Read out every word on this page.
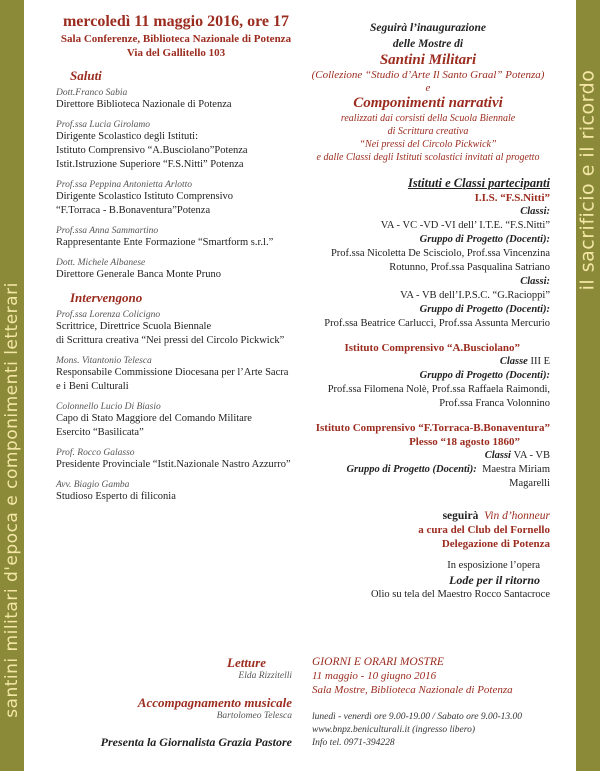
santini militari d'epoca e componimenti letterari
il sacrificio e il ricordo
mercoledì 11 maggio 2016, ore 17
Sala Conferenze, Biblioteca Nazionale di Potenza
Via del Gallitello 103
Saluti
Dott.Franco Sabia
Direttore Biblioteca Nazionale di Potenza
Prof.ssa Lucia Girolamo
Dirigente Scolastico degli Istituti:
Istituto Comprensivo “A.Busciolano”Potenza
Istit.Istruzione Superiore “F.S.Nitti” Potenza
Prof.ssa Peppina Antonietta Arlotto
Dirigente Scolastico Istituto Comprensivo
“F.Torraca - B.Bonaventura”Potenza
Prof.ssa Anna Sammartino
Rappresentante Ente Formazione “Smartform s.r.l.”
Dott. Michele Albanese
Direttore Generale Banca Monte Pruno
Intervengono
Prof.ssa Lorenza Colicigno
Scrittrice, Direttrice Scuola Biennale
di Scrittura creativa “Nei pressi del Circolo Pickwick”
Mons. Vitantonio Telesca
Responsabile Commissione Diocesana per l’Arte Sacra
e i Beni Culturali
Colonnello Lucio Di Biasio
Capo di Stato Maggiore del Comando Militare
Esercito “Basilicata”
Prof. Rocco Galasso
Presidente Provinciale “Istit.Nazionale Nastro Azzurro”
Avv. Biagio Gamba
Studioso Esperto di filiconia
Letture
Elda Rizzitelli
Accompagnamento musicale
Bartolomeo Telesca
Presenta la Giornalista Grazia Pastore
Seguirà l’inaugurazione
delle Mostre di
Santini Militari
(Collezione “Studio d’Arte Il Santo Graal” Potenza)
e
Componimenti narrativi
realizzati dai corsisti della Scuola Biennale
di Scrittura creativa
“Nei pressi del Circolo Pickwick”
e dalle Classi degli Istituti scolastici invitati al progetto
Istituti e Classi partecipanti
I.I.S. “F.S.Nitti”
Classi:
VA - VC -VD -VI dell’ I.T.E. “F.S.Nitti”
Gruppo di Progetto (Docenti):
Prof.ssa Nicoletta De Scisciolo, Prof.ssa Vincenzina
Rotunno, Prof.ssa Pasqualina Satriano
Classi:
VA - VB dell’I.P.S.C. “G.Racioppi”
Gruppo di Progetto (Docenti):
Prof.ssa Beatrice Carlucci, Prof.ssa Assunta Mercurio
Istituto Comprensivo “A.Busciolano”
Classe III E
Gruppo di Progetto (Docenti):
Prof.ssa Filomena Nolè, Prof.ssa Raffaela Raimondi,
Prof.ssa Franca Volonnino
Istituto Comprensivo “F.Torraca-B.Bonaventura”
Plesso “18 agosto 1860”
Classi VA - VB
Gruppo di Progetto (Docenti): Maestra Miriam Magarelli
seguirà Vin d’honneur
a cura del Club del Fornello
Delegazione di Potenza
In esposizione l’opera
Lode per il ritorno
Olio su tela del Maestro Rocco Santacroce
GIORNI E ORARI MOSTRE
11 maggio - 10 giugno 2016
Sala Mostre, Biblioteca Nazionale di Potenza
lunedì - venerdì ore 9.00-19.00 / Sabato ore 9.00-13.00
www.bnpz.beniculturali.it (ingresso libero)
Info tel. 0971-394228
